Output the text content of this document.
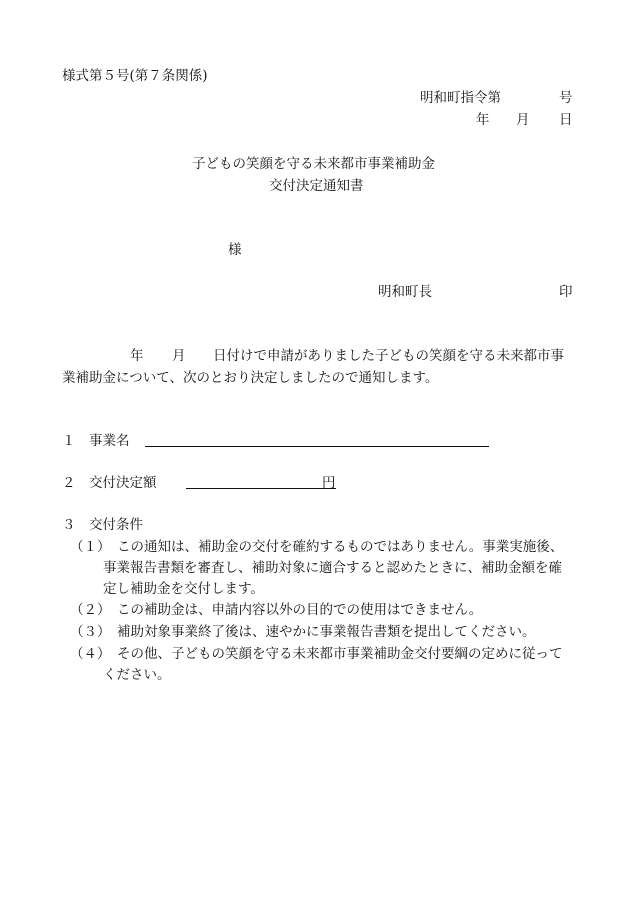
様式第５号(第７条関係)
明和町指令第	号
年 月 日
子どもの笑顔を守る未来都市事業補助金
交付決定通知書
様
明和町長	印
年 月 日付けで申請がありました子どもの笑顔を守る未来都市事
業補助金について、次のとおり決定しましたので通知します。
１ 事業名
２ 交付決定額	円
３ 交付条件
（１） この通知は、補助金の交付を確約するものではありません。事業実施後、
事業報告書類を審査し、補助対象に適合すると認めたときに、補助金額を確
定し補助金を交付します。
（２） この補助金は、申請内容以外の目的での使用はできません。
（３） 補助対象事業終了後は、速やかに事業報告書類を提出してください。
（４） その他、子どもの笑顔を守る未来都市事業補助金交付要綱の定めに従って
ください。
